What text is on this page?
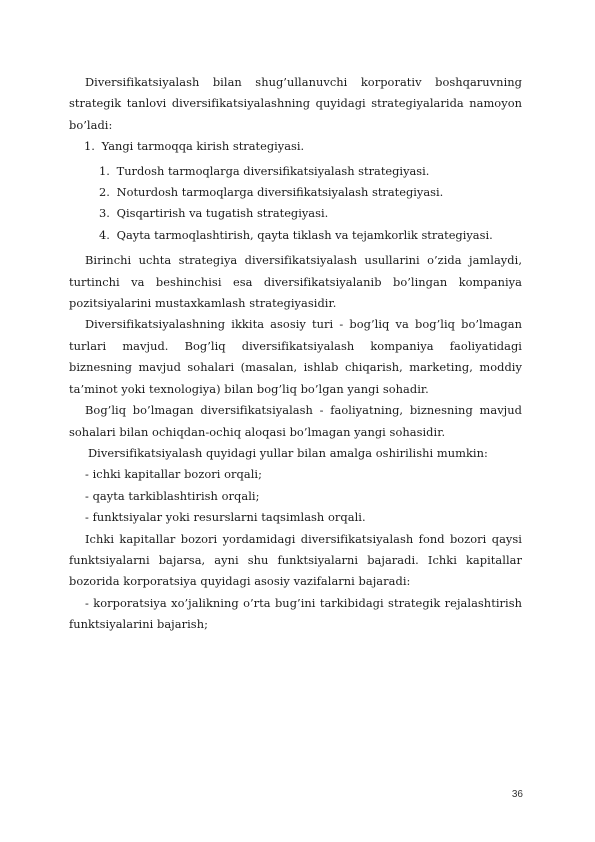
Diversifikatsiyalash bilan shug’ullanuvchi korporativ boshqaruvning strategik tanlovi diversifikatsiyalashning quyidagi strategiyalarida namoyon bo’ladi:

1. Yangi tarmoqqa kirish strategiyasi.

1. Turdosh tarmoqlarga diversifikatsiyalash strategiyasi.

2. Noturdosh tarmoqlarga diversifikatsiyalash strategiyasi.

3. Qisqartirish va tugatish strategiyasi.

4. Qayta tarmoqlashtirish, qayta tiklash va tejamkorlik strategiyasi.

Birinchi uchta strategiya diversifikatsiyalash usullarini o’zida jamlaydi, turtinchi va beshinchisi esa diversifikatsiyalanib bo’lingan kompaniya pozitsiyalarini mustaxkamlash strategiyasidir.

Diversifikatsiyalashning ikkita asosiy turi - bog’liq va bog’liq bo’lmagan turlari mavjud. Bog’liq diversifikatsiyalash kompaniya faoliyatidagi biznesning mavjud sohalari (masalan, ishlab chiqarish, marketing, moddiy ta’minot yoki texnologiya) bilan bog’liq bo’lgan yangi sohadir.

Bog’liq bo’lmagan diversifikatsiyalash - faoliyatning, biznesning mavjud sohalari bilan ochiqdan-ochiq aloqasi bo’lmagan yangi sohasidir.

Diversifikatsiyalash quyidagi yullar bilan amalga oshirilishi mumkin:

- ichki kapitallar bozori orqali;

- qayta tarkiblashtirish orqali;

- funktsiyalar yoki resurslarni taqsimlash orqali.

Ichki kapitallar bozori yordamidagi diversifikatsiyalash fond bozori qaysi funktsiyalarni bajarsa, ayni shu funktsiyalarni bajaradi. Ichki kapitallar bozorida korporatsiya quyidagi asosiy vazifalarni bajaradi:

- korporatsiya xo’jalikning o’rta bug’ini tarkibidagi strategik rejalashtirish funktsiyalarini bajarish;

36
